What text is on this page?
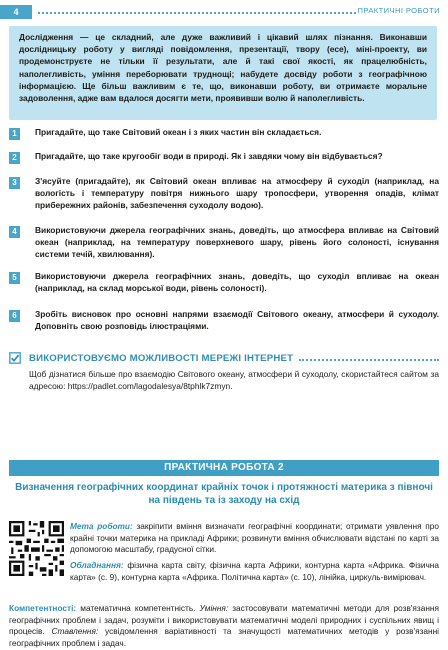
4	ПРАКТИЧНІ РОБОТИ

Дослідження — це складний, але дуже важливий і цікавий шлях пізнання. Виконавши дослідницьку роботу у вигляді повідомлення, презентації, твору (есе), міні-проекту, ви продемонструєте не тільки її результати, але й такі свої якості, як працелюбність, наполегливість, уміння переборювати труднощі; набудете досвіду роботи з географічною інформацією. Ще більш важливим є те, що, виконавши роботу, ви отримаєте моральне задоволення, адже вам вдалося досягти мети, проявивши волю й наполегливість.

1	Пригадайте, що таке Світовий океан і з яких частин він складається.
2	Пригадайте, що таке кругообіг води в природі. Як і завдяки чому він відбувається?
3	З'ясуйте (пригадайте), як Світовий океан впливає на атмосферу й суходіл (наприклад, на вологість і температуру повітря нижнього шару тропосфери, утворення опадів, клімат прибережних районів, забезпечення суходолу водою).
4	Використовуючи джерела географічних знань, доведіть, що атмосфера впливає на Світовий океан (наприклад, на температуру поверхневого шару, рівень його солоності, існування системи течій, хвилювання).
5	Використовуючи джерела географічних знань, доведіть, що суходіл впливає на океан (наприклад, на склад морської води, рівень солоності).
6	Зробіть висновок про основні напрями взаємодії Світового океану, атмосфери й суходолу. Доповніть свою розповідь ілюстраціями.
ВИКОРИСТОВУЄМО МОЖЛИВОСТІ МЕРЕЖІ ІНТЕРНЕТ
Щоб дізнатися більше про взаємодію Світового океану, атмосфери й суходолу, скористайтеся сайтом за адресою: https://padlet.com/lagodalesya/8tphlk7zmyn.
ПРАКТИЧНА РОБОТА 2
Визначення географічних координат крайніх точок і протяжності материка з півночі на південь та із заходу на схід
Мета роботи: закріпити вміння визначати географічні координати; отримати уявлення про крайні точки материка на прикладі Африки; розвинути вміння обчислювати відстані по карті за допомогою масштабу, градусної сітки.
Обладнання: фізична карта світу, фізична карта Африки, контурна карта «Африка. Фізична карта» (с. 9), контурна карта «Африка. Політична карта» (с. 10), лінійка, циркуль-вимірювач.
Компетентності: математична компетентність. Уміння: застосовувати математичні методи для розв'язання географічних проблем і задач, розуміти і використовувати математичні моделі природних і суспільних явищ і процесів. Ставлення: усвідомлення варіативності та значущості математичних методів у розв'язанні географічних проблем і задач.
